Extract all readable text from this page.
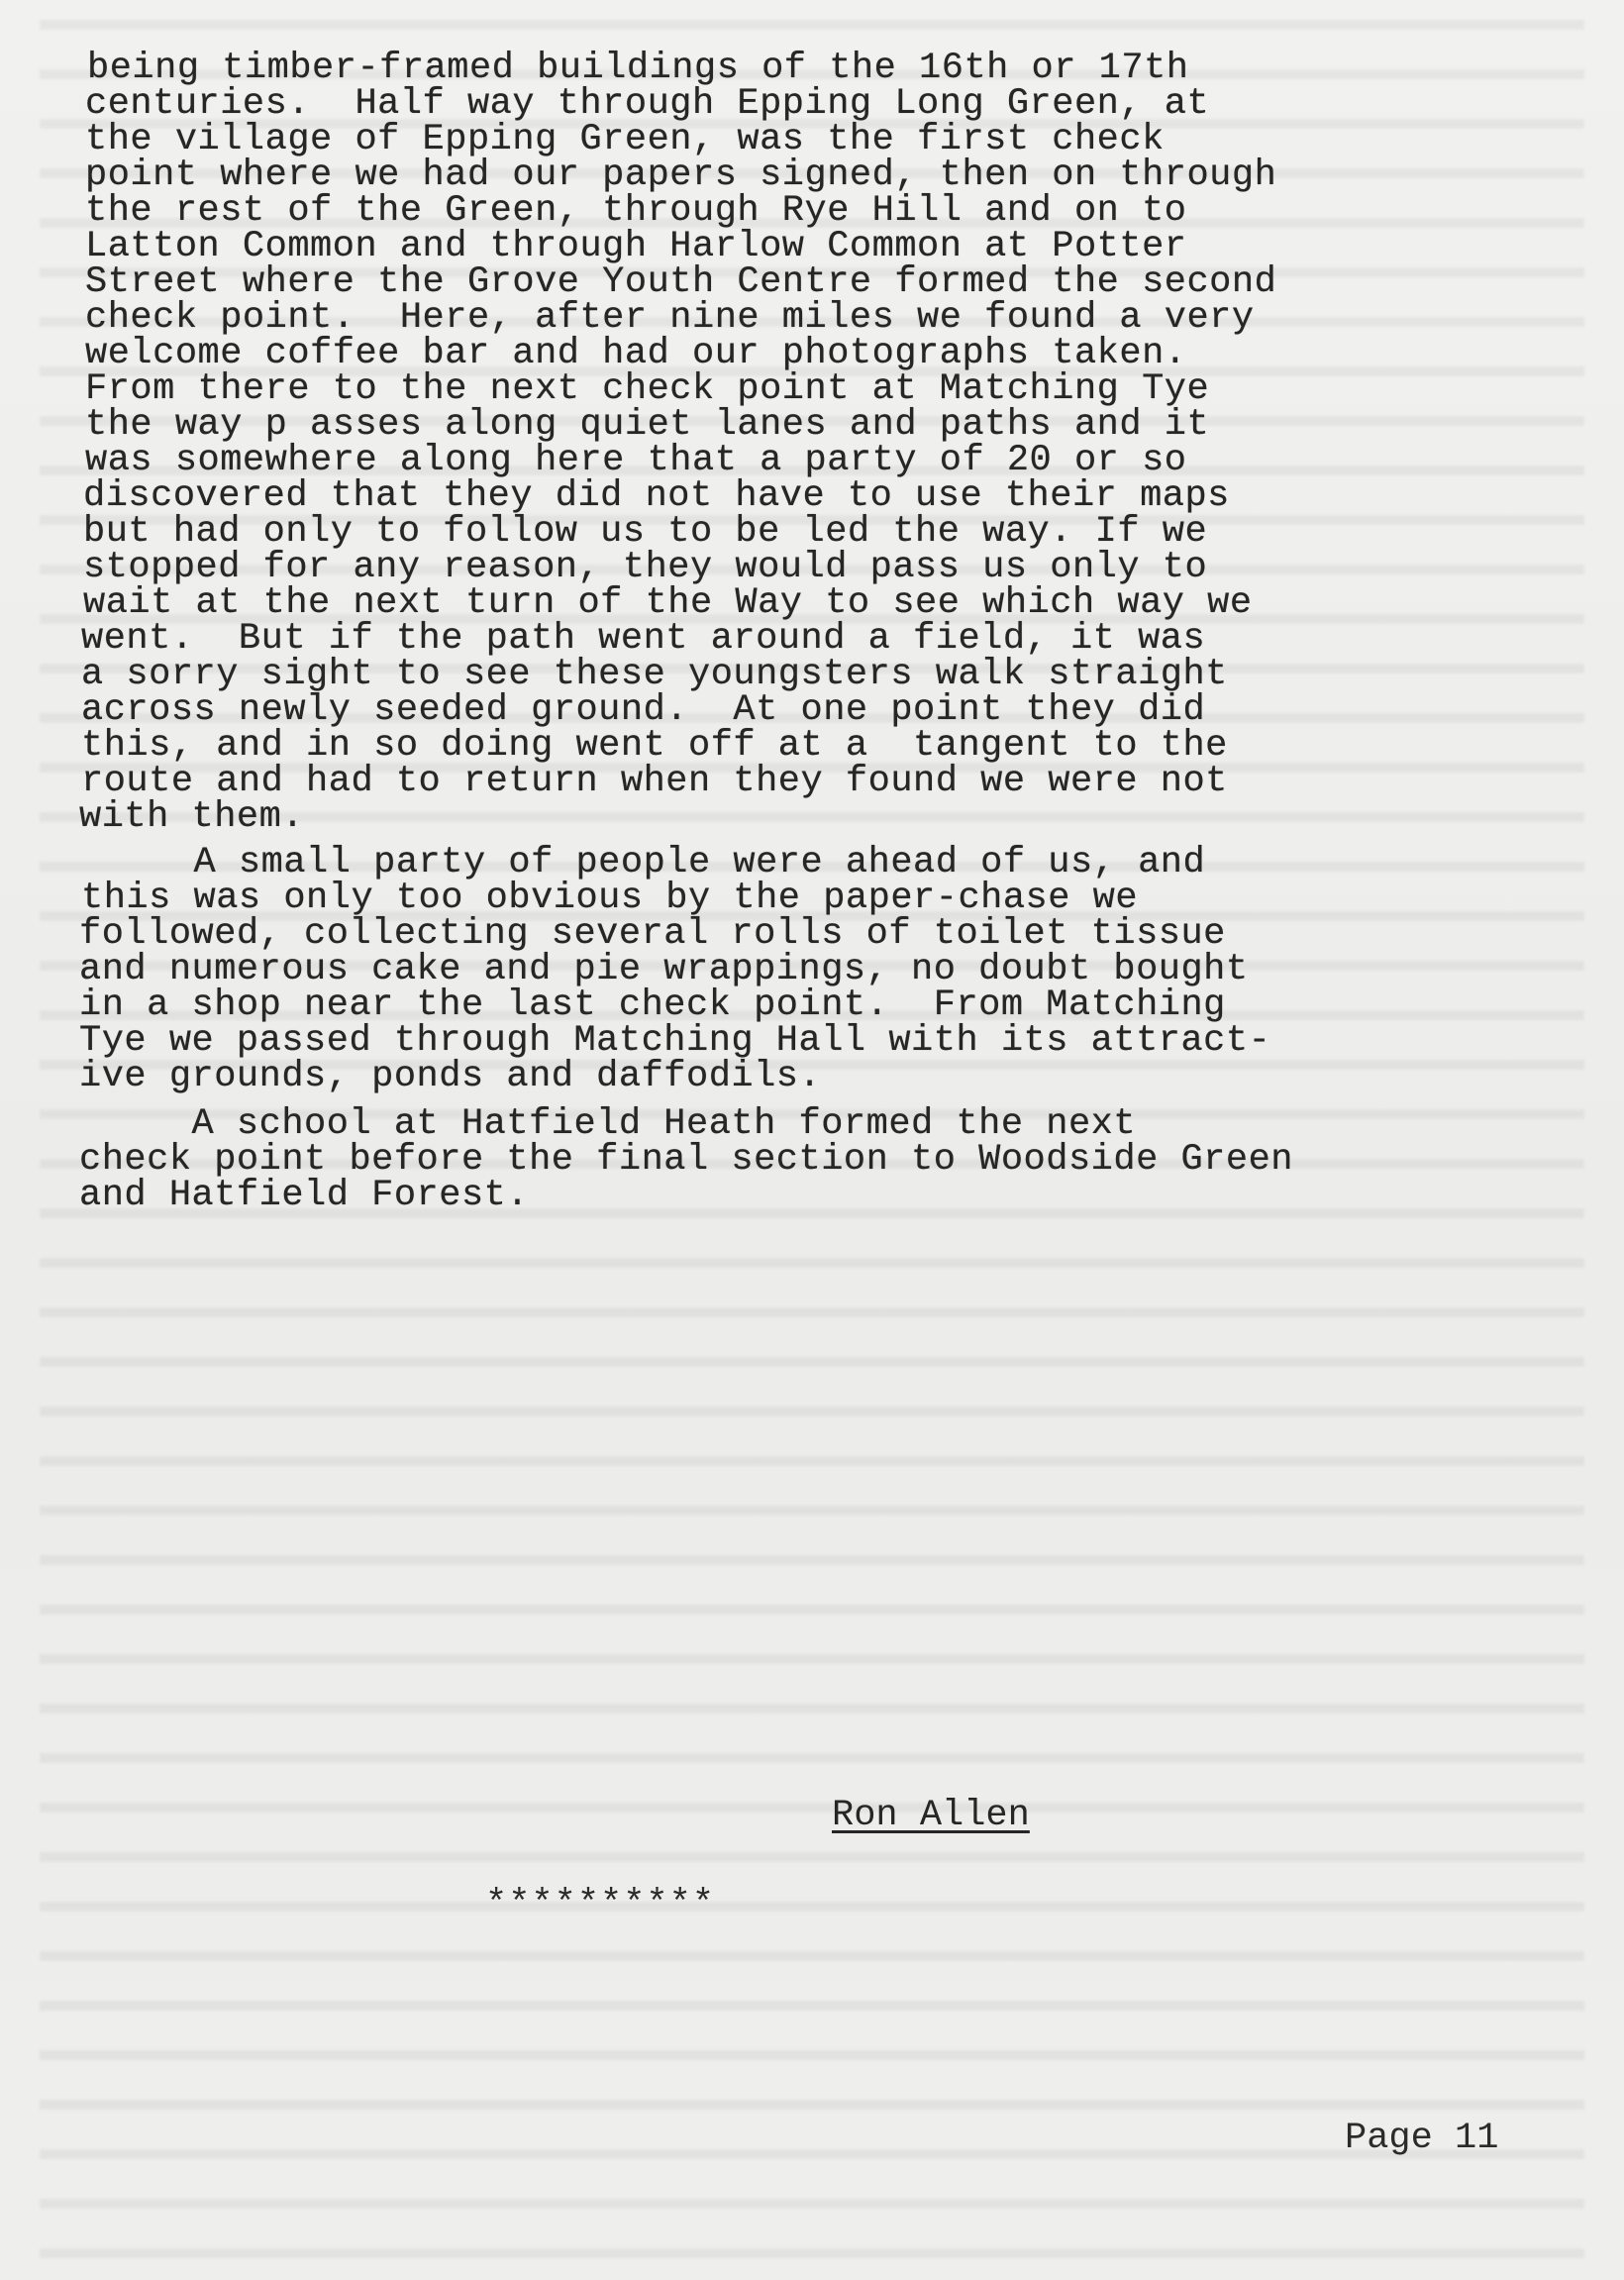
being timber-framed buildings of the 16th or 17th
centuries.  Half way through Epping Long Green, at
the village of Epping Green, was the first check
point where we had our papers signed, then on through
the rest of the Green, through Rye Hill and on to
Latton Common and through Harlow Common at Potter
Street where the Grove Youth Centre formed the second
check point.  Here, after nine miles we found a very
welcome coffee bar and had our photographs taken.
From there to the next check point at Matching Tye
the way p asses along quiet lanes and paths and it
was somewhere along here that a party of 20 or so
discovered that they did not have to use their maps
but had only to follow us to be led the way. If we
stopped for any reason, they would pass us only to
wait at the next turn of the Way to see which way we
went.  But if the path went around a field, it was
a sorry sight to see these youngsters walk straight
across newly seeded ground.  At one point they did
this, and in so doing went off at a  tangent to the
route and had to return when they found we were not
with them.
A small party of people were ahead of us, and
this was only too obvious by the paper-chase we
followed, collecting several rolls of toilet tissue
and numerous cake and pie wrappings, no doubt bought
in a shop near the last check point.  From Matching
Tye we passed through Matching Hall with its attract-
ive grounds, ponds and daffodils.
A school at Hatfield Heath formed the next
check point before the final section to Woodside Green
and Hatfield Forest.
Ron Allen
**********
Page 11
